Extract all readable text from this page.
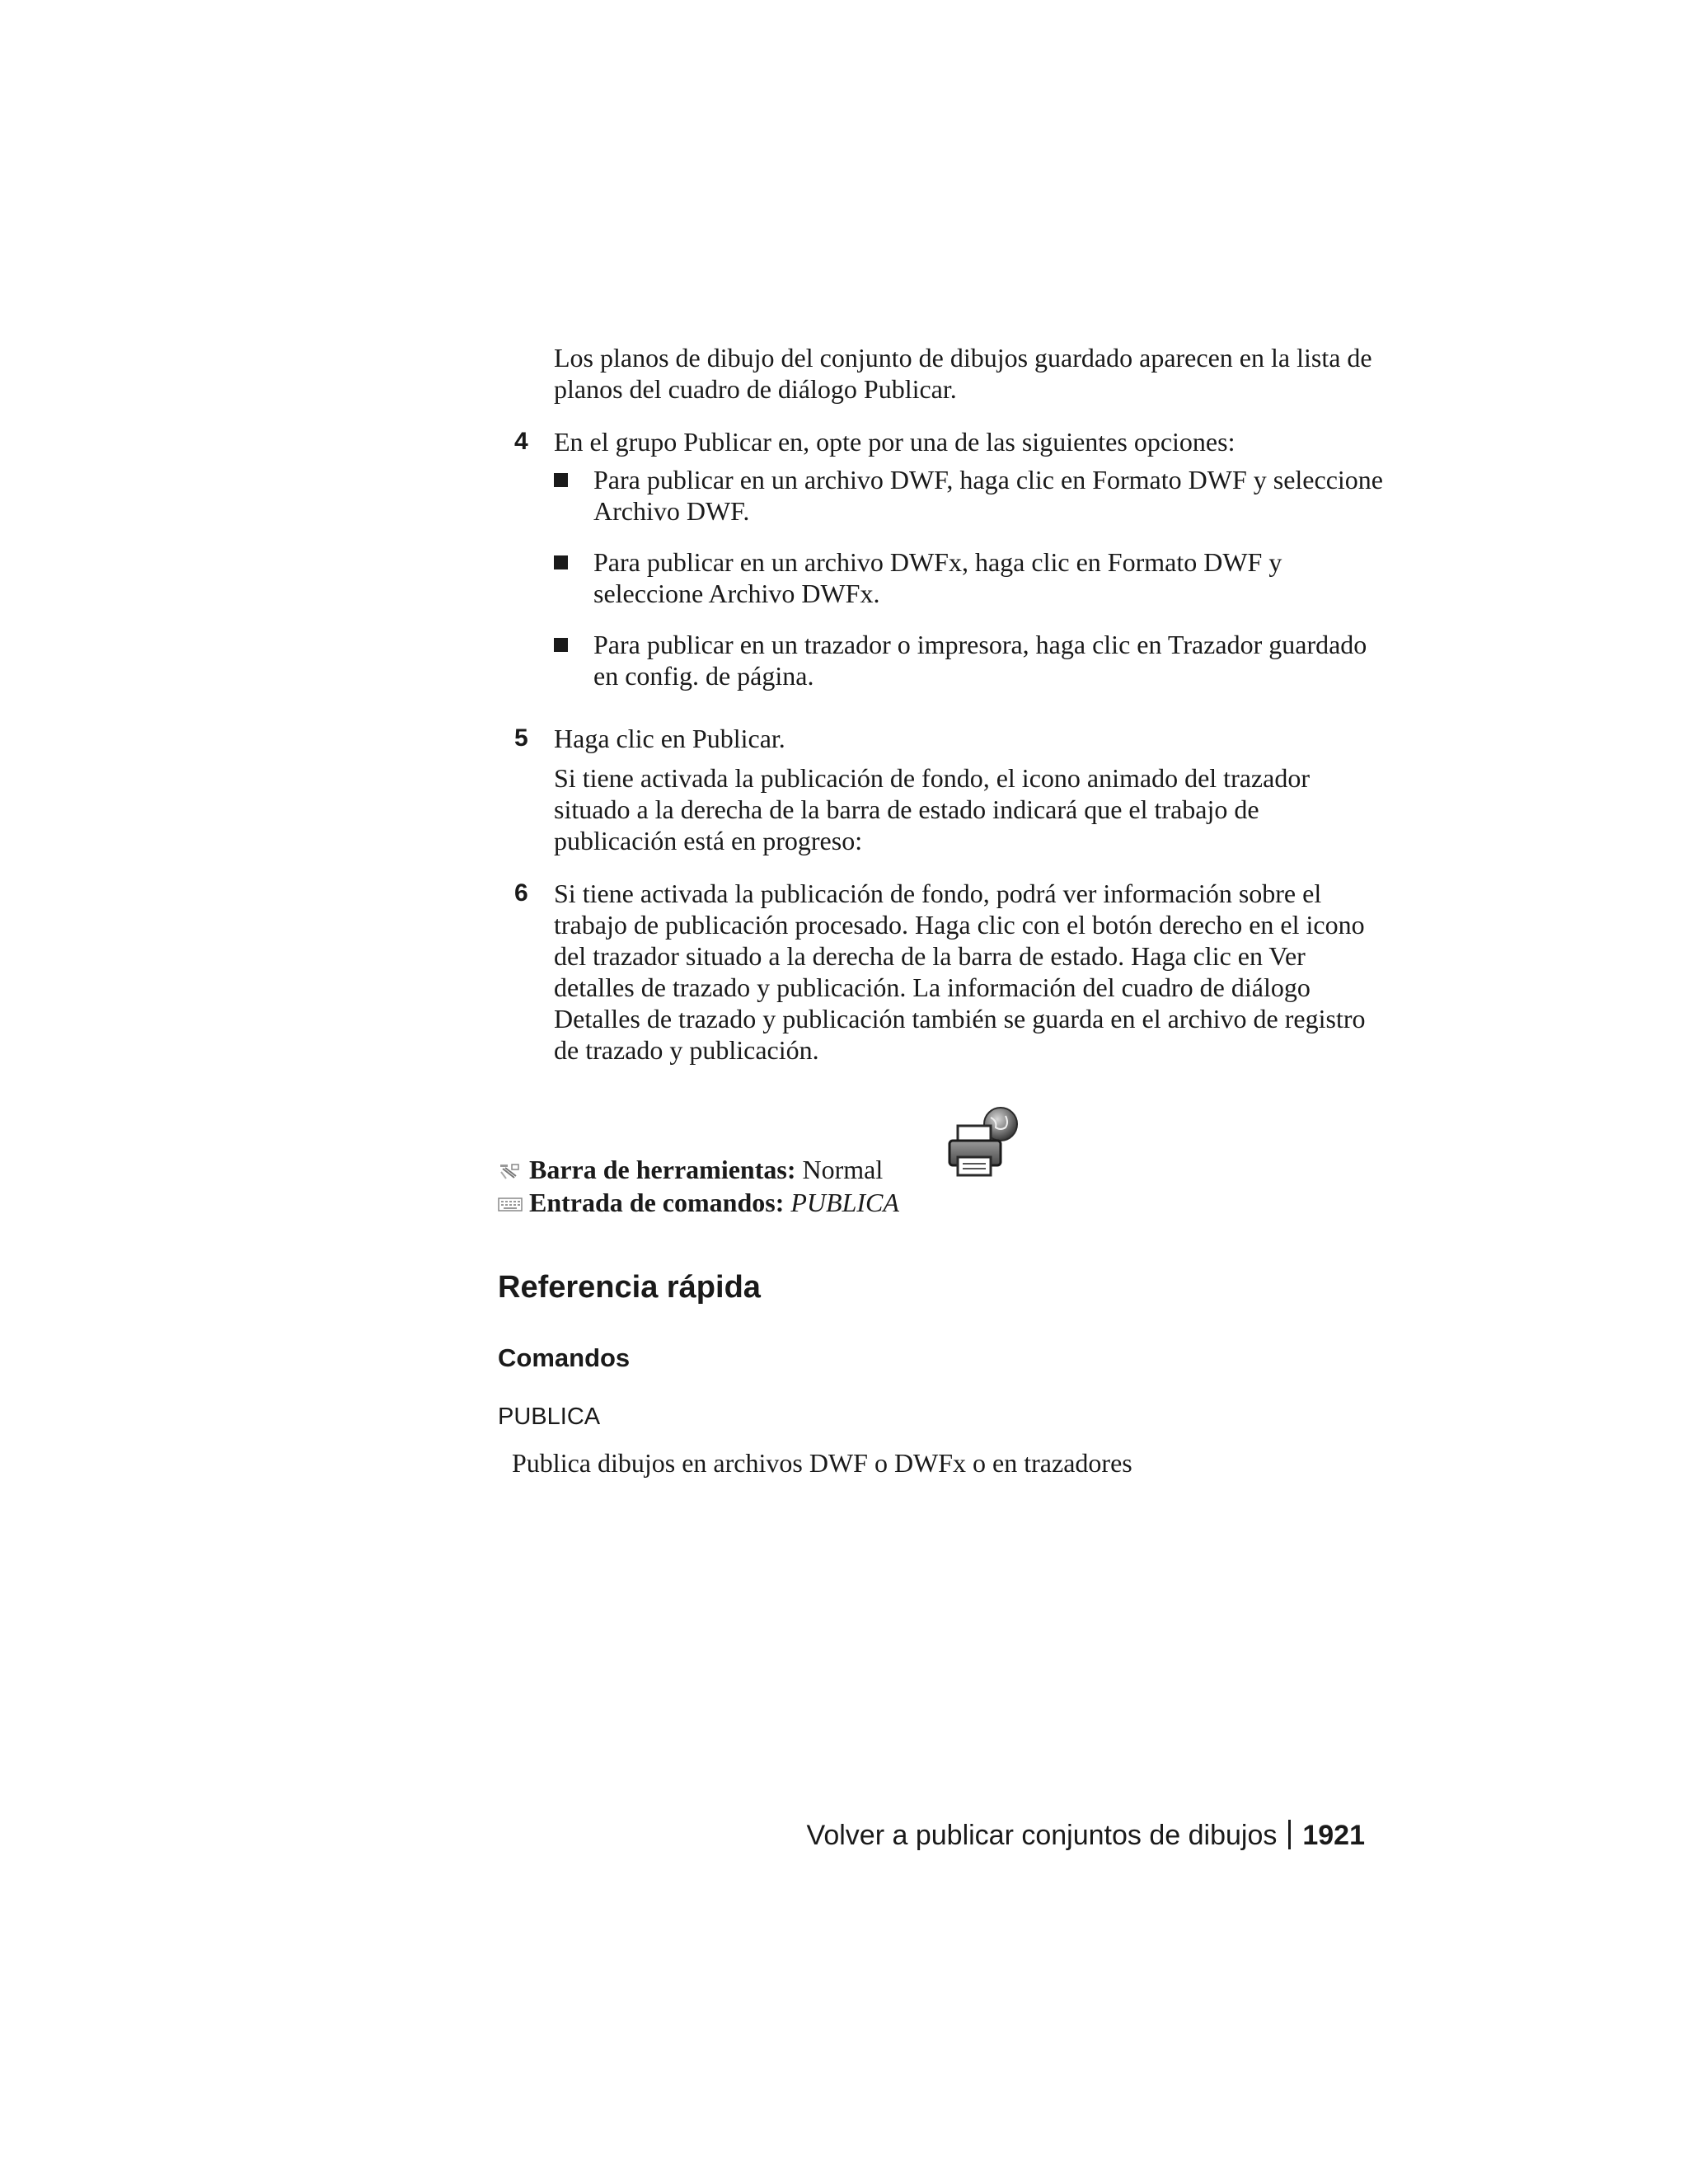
Los planos de dibujo del conjunto de dibujos guardado aparecen en la lista de planos del cuadro de diálogo Publicar.

4 En el grupo Publicar en, opte por una de las siguientes opciones:
Para publicar en un archivo DWF, haga clic en Formato DWF y seleccione Archivo DWF.
Para publicar en un archivo DWFx, haga clic en Formato DWF y seleccione Archivo DWFx.
Para publicar en un trazador o impresora, haga clic en Trazador guardado en config. de página.
5 Haga clic en Publicar.
Si tiene activada la publicación de fondo, el icono animado del trazador situado a la derecha de la barra de estado indicará que el trabajo de publicación está en progreso:
6 Si tiene activada la publicación de fondo, podrá ver información sobre el trabajo de publicación procesado. Haga clic con el botón derecho en el icono del trazador situado a la derecha de la barra de estado. Haga clic en Ver detalles de trazado y publicación. La información del cuadro de diálogo Detalles de trazado y publicación también se guarda en el archivo de registro de trazado y publicación.
Barra de herramientas: Normal
Entrada de comandos: PUBLICA
Referencia rápida
Comandos
PUBLICA
Publica dibujos en archivos DWF o DWFx o en trazadores
Volver a publicar conjuntos de dibujos 1921
